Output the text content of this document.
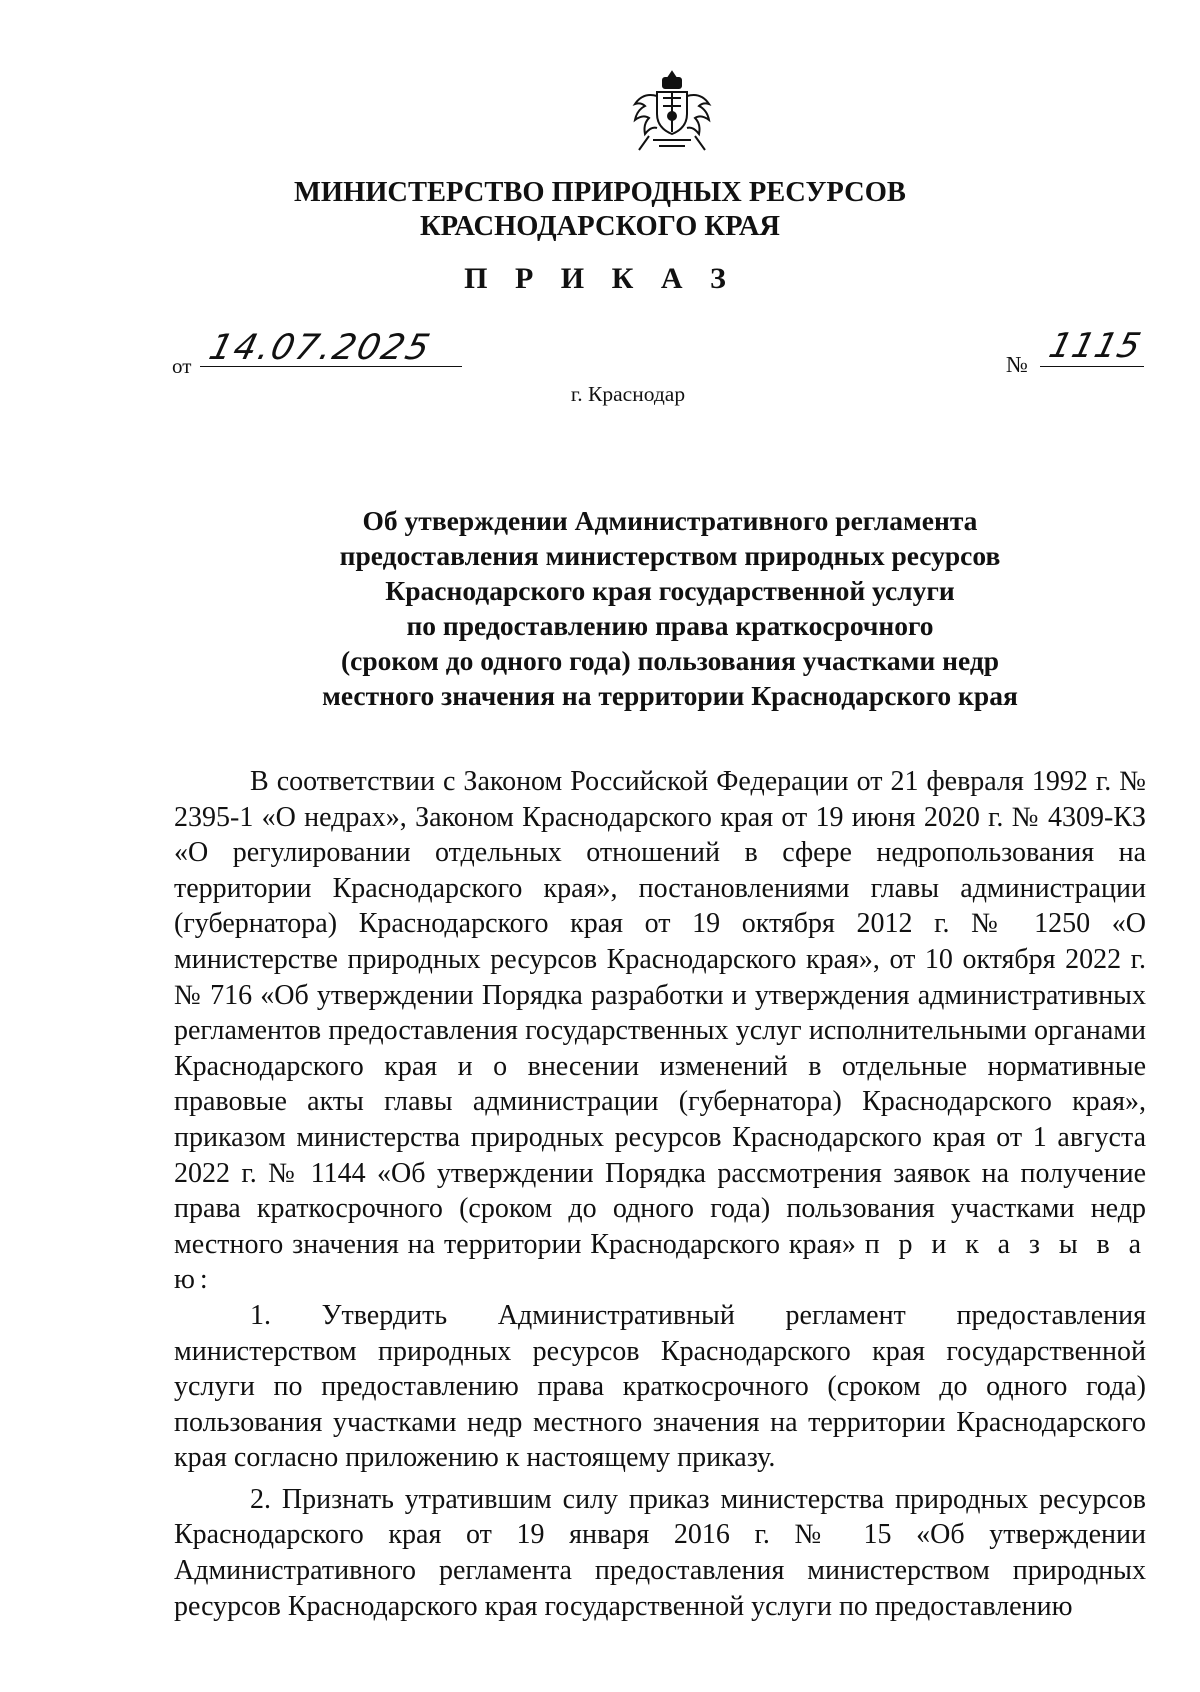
МИНИСТЕРСТВО ПРИРОДНЫХ РЕСУРСОВ
КРАСНОДАРСКОГО КРАЯ
П Р И К А З
от 14.07.2025	№ 1115
г. Краснодар
Об утверждении Административного регламента
предоставления министерством природных ресурсов
Краснодарского края государственной услуги
по предоставлению права краткосрочного
(сроком до одного года) пользования участками недр
местного значения на территории Краснодарского края

В соответствии с Законом Российской Федерации от 21 февраля 1992 г. № 2395-1 «О недрах», Законом Краснодарского края от 19 июня 2020 г. № 4309-КЗ «О регулировании отдельных отношений в сфере недропользования на территории Краснодарского края», постановлениями главы администрации (губернатора) Краснодарского края от 19 октября 2012 г. № 1250 «О министерстве природных ресурсов Краснодарского края», от 10 октября 2022 г. № 716 «Об утверждении Порядка разработки и утверждения административных регламентов предоставления государственных услуг исполнительными органами Краснодарского края и о внесении изменений в отдельные нормативные правовые акты главы администрации (губернатора) Краснодарского края», приказом министерства природных ресурсов Краснодарского края от 1 августа 2022 г. № 1144 «Об утверждении Порядка рассмотрения заявок на получение права краткосрочного (сроком до одного года) пользования участками недр местного значения на территории Краснодарского края» п р и к а з ы в а ю:

1. Утвердить Административный регламент предоставления министерством природных ресурсов Краснодарского края государственной услуги по предоставлению права краткосрочного (сроком до одного года) пользования участками недр местного значения на территории Краснодарского края согласно приложению к настоящему приказу.

2. Признать утратившим силу приказ министерства природных ресурсов Краснодарского края от 19 января 2016 г. № 15 «Об утверждении Административного регламента предоставления министерством природных ресурсов Краснодарского края государственной услуги по предоставлению
